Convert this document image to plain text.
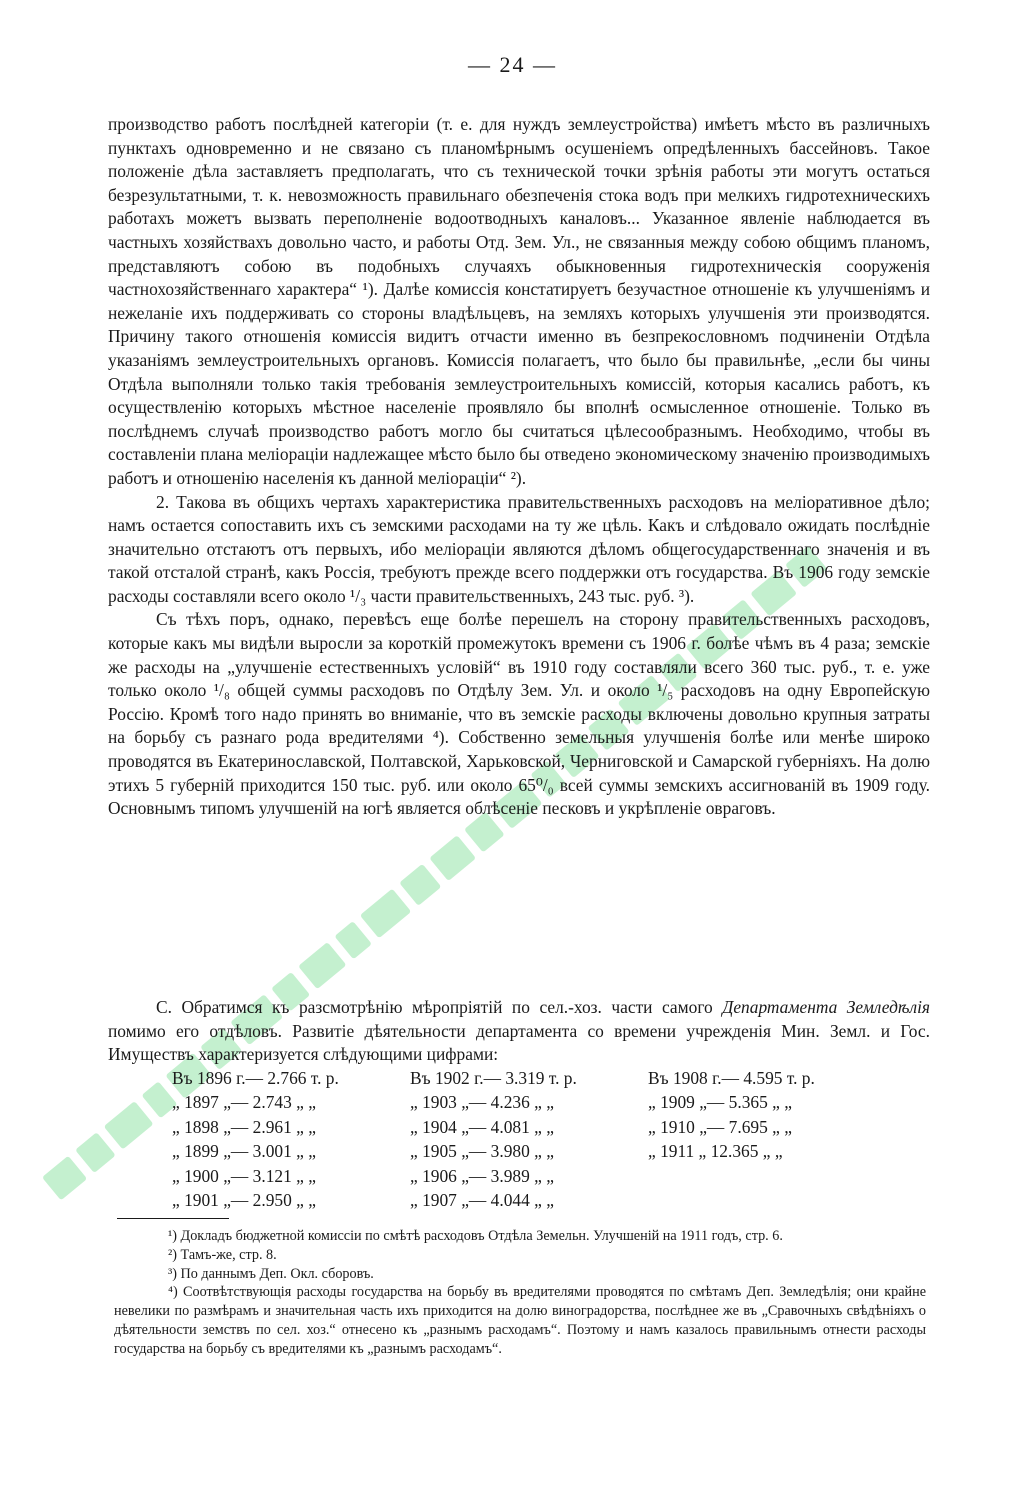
— 24 —

производство работъ послѣдней категоріи (т. е. для нуждъ землеустройства) имѣетъ мѣсто въ различныхъ пунктахъ одновременно и не связано съ планомѣрнымъ осушеніемъ опредѣленныхъ бассейновъ. Такое положеніе дѣла заставляетъ предполагать, что съ технической точки зрѣнія работы эти могутъ остаться безрезультатными, т. к. невозможность правильнаго обезпеченія стока водъ при мелкихъ гидротехническихъ работахъ можетъ вызвать переполненіе водоотводныхъ каналовъ... Указанное явленіе наблюдается въ частныхъ хозяйствахъ довольно часто, и работы Отд. Зем. Ул., не связанныя между собою общимъ планомъ, представляютъ собою въ подобныхъ случаяхъ обыкновенныя гидротехническія сооруженія частнохозяйственнаго характера“ ¹). Далѣе комиссія констатируетъ безучастное отношеніе къ улучшеніямъ и нежеланіе ихъ поддерживать со стороны владѣльцевъ, на земляхъ которыхъ улучшенія эти производятся. Причину такого отношенія комиссія видитъ отчасти именно въ безпрекословномъ подчиненіи Отдѣла указаніямъ землеустроительныхъ органовъ. Комиссія полагаетъ, что было бы правильнѣе, „если бы чины Отдѣла выполняли только такія требованія землеустроительныхъ комиссій, которыя касались работъ, къ осуществленію которыхъ мѣстное населеніе проявляло бы вполнѣ осмысленное отношеніе. Только въ послѣднемъ случаѣ производство работъ могло бы считаться цѣлесообразнымъ. Необходимо, чтобы въ составленіи плана меліораціи надлежащее мѣсто было бы отведено экономическому значенію производимыхъ работъ и отношенію населенія къ данной меліораціи“ ²).

2. Такова въ общихъ чертахъ характеристика правительственныхъ расходовъ на меліоративное дѣло; намъ остается сопоставить ихъ съ земскими расходами на ту же цѣль. Какъ и слѣдовало ожидать послѣдніе значительно отстаютъ отъ первыхъ, ибо меліораціи являются дѣломъ общегосударственнаго значенія и въ такой отсталой странѣ, какъ Россія, требуютъ прежде всего поддержки отъ государства. Въ 1906 году земскіе расходы составляли всего около ¹/₃ части правительственныхъ, 243 тыс. руб. ³).

Съ тѣхъ поръ, однако, перевѣсъ еще болѣе перешелъ на сторону правительственныхъ расходовъ, которые какъ мы видѣли выросли за короткій промежутокъ времени съ 1906 г. болѣе чѣмъ въ 4 раза; земскіе же расходы на „улучшеніе естественныхъ условій“ въ 1910 году составляли всего 360 тыс. руб., т. е. уже только около ¹/₈ общей суммы расходовъ по Отдѣлу Зем. Ул. и около ¹/₅ расходовъ на одну Европейскую Россію. Кромѣ того надо принять во вниманіе, что въ земскіе расходы включены довольно крупныя затраты на борьбу съ разнаго рода вредителями ⁴). Собственно земельныя улучшенія болѣе или менѣе широко проводятся въ Екатеринославской, Полтавской, Харьковской, Черниговской и Самарской губерніяхъ. На долю этихъ 5 губерній приходится 150 тыс. руб. или около 65⁰/₀ всей суммы земскихъ ассигнованій въ 1909 году. Основнымъ типомъ улучшеній на югѣ является облѣсеніе песковъ и укрѣпленіе овраговъ.

С. Обратимся къ разсмотрѣнію мѣропріятій по сел.-хоз. части самого Департамента Земледѣлія помимо его отдѣловъ. Развитіе дѣятельности департамента со времени учрежденія Мин. Земл. и Гос. Имуществъ характеризуется слѣдующими цифрами:

Въ 1896 г.— 2.766 т. р.	Въ 1902 г.— 3.319 т. р.	Въ 1908 г.— 4.595 т. р.
„ 1897 „— 2.743 „ „	„ 1903 „— 4.236 „ „	„ 1909 „— 5.365 „ „
„ 1898 „— 2.961 „ „	„ 1904 „— 4.081 „ „	„ 1910 „— 7.695 „ „
„ 1899 „— 3.001 „ „	„ 1905 „— 3.980 „ „	„ 1911 „ 12.365 „ „
„ 1900 „— 3.121 „ „	„ 1906 „— 3.989 „ „	
„ 1901 „— 2.950 „ „	„ 1907 „— 4.044 „ „	

¹) Докладъ бюджетной комиссіи по смѣтѣ расходовъ Отдѣла Земельн. Улучшеній на 1911 годъ, стр. 6.

²) Тамъ-же, стр. 8.

³) По даннымъ Деп. Окл. сборовъ.

⁴) Соотвѣтствующія расходы государства на борьбу въ вредителями проводятся по смѣтамъ Деп. Земледѣлія; они крайне невелики по размѣрамъ и значительная часть ихъ приходится на долю виноградорства, послѣднее же въ „Сравочныхъ свѣдѣніяхъ о дѣятельности земствъ по сел. хоз.“ отнесено къ „разнымъ расходамъ“. Поэтому и намъ казалось правильнымъ отнести расходы государства на борьбу съ вредителями къ „разнымъ расходамъ“.
